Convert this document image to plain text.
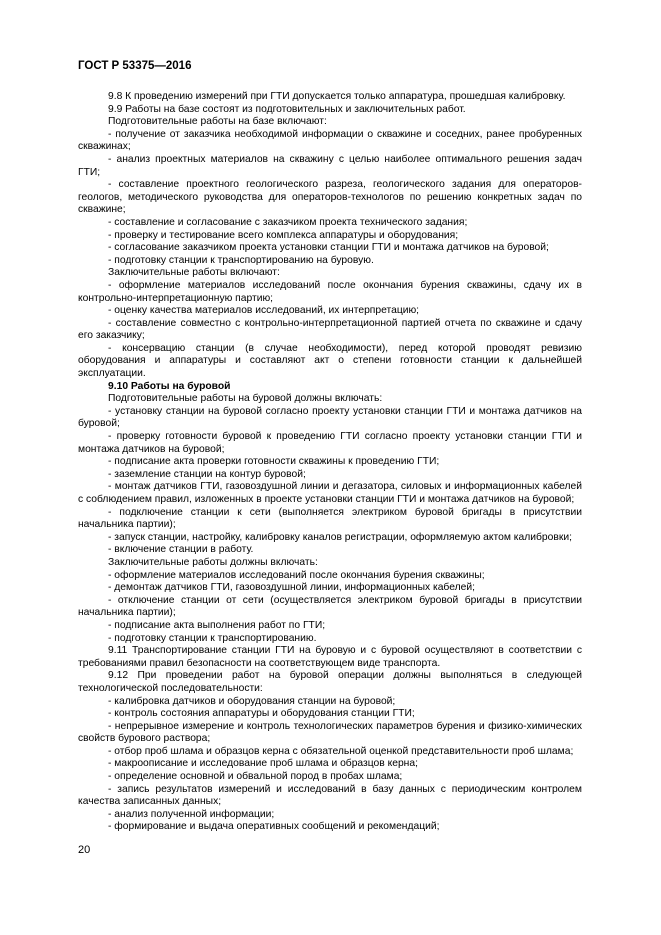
ГОСТ Р 53375—2016

9.8 К проведению измерений при ГТИ допускается только аппаратура, прошедшая калибровку.

9.9 Работы на базе состоят из подготовительных и заключительных работ.

Подготовительные работы на базе включают:

- получение от заказчика необходимой информации о скважине и соседних, ранее пробуренных скважинах;

- анализ проектных материалов на скважину с целью наиболее оптимального решения задач ГТИ;

- составление проектного геологического разреза, геологического задания для операторов-геологов, методического руководства для операторов-технологов по решению конкретных задач по скважине;

- составление и согласование с заказчиком проекта технического задания;

- проверку и тестирование всего комплекса аппаратуры и оборудования;

- согласование заказчиком проекта установки станции ГТИ и монтажа датчиков на буровой;

- подготовку станции к транспортированию на буровую.

Заключительные работы включают:

- оформление материалов исследований после окончания бурения скважины, сдачу их в контрольно-интерпретационную партию;

- оценку качества материалов исследований, их интерпретацию;

- составление совместно с контрольно-интерпретационной партией отчета по скважине и сдачу его заказчику;

- консервацию станции (в случае необходимости), перед которой проводят ревизию оборудования и аппаратуры и составляют акт о степени готовности станции к дальнейшей эксплуатации.

9.10 Работы на буровой

Подготовительные работы на буровой должны включать:

- установку станции на буровой согласно проекту установки станции ГТИ и монтажа датчиков на буровой;

- проверку готовности буровой к проведению ГТИ согласно проекту установки станции ГТИ и монтажа датчиков на буровой;

- подписание акта проверки готовности скважины к проведению ГТИ;

- заземление станции на контур буровой;

- монтаж датчиков ГТИ, газовоздушной линии и дегазатора, силовых и информационных кабелей с соблюдением правил, изложенных в проекте установки станции ГТИ и монтажа датчиков на буровой;

- подключение станции к сети (выполняется электриком буровой бригады в присутствии начальника партии);

- запуск станции, настройку, калибровку каналов регистрации, оформляемую актом калибровки;

- включение станции в работу.

Заключительные работы должны включать:

- оформление материалов исследований после окончания бурения скважины;

- демонтаж датчиков ГТИ, газовоздушной линии, информационных кабелей;

- отключение станции от сети (осуществляется электриком буровой бригады в присутствии начальника партии);

- подписание акта выполнения работ по ГТИ;

- подготовку станции к транспортированию.

9.11 Транспортирование станции ГТИ на буровую и с буровой осуществляют в соответствии с требованиями правил безопасности на соответствующем виде транспорта.

9.12 При проведении работ на буровой операции должны выполняться в следующей технологической последовательности:

- калибровка датчиков и оборудования станции на буровой;

- контроль состояния аппаратуры и оборудования станции ГТИ;

- непрерывное измерение и контроль технологических параметров бурения и физико-химических свойств бурового раствора;

- отбор проб шлама и образцов керна с обязательной оценкой представительности проб шлама;

- макроописание и исследование проб шлама и образцов керна;

- определение основной и обвальной пород в пробах шлама;

- запись результатов измерений и исследований в базу данных с периодическим контролем качества записанных данных;

- анализ полученной информации;

- формирование и выдача оперативных сообщений и рекомендаций;

20
